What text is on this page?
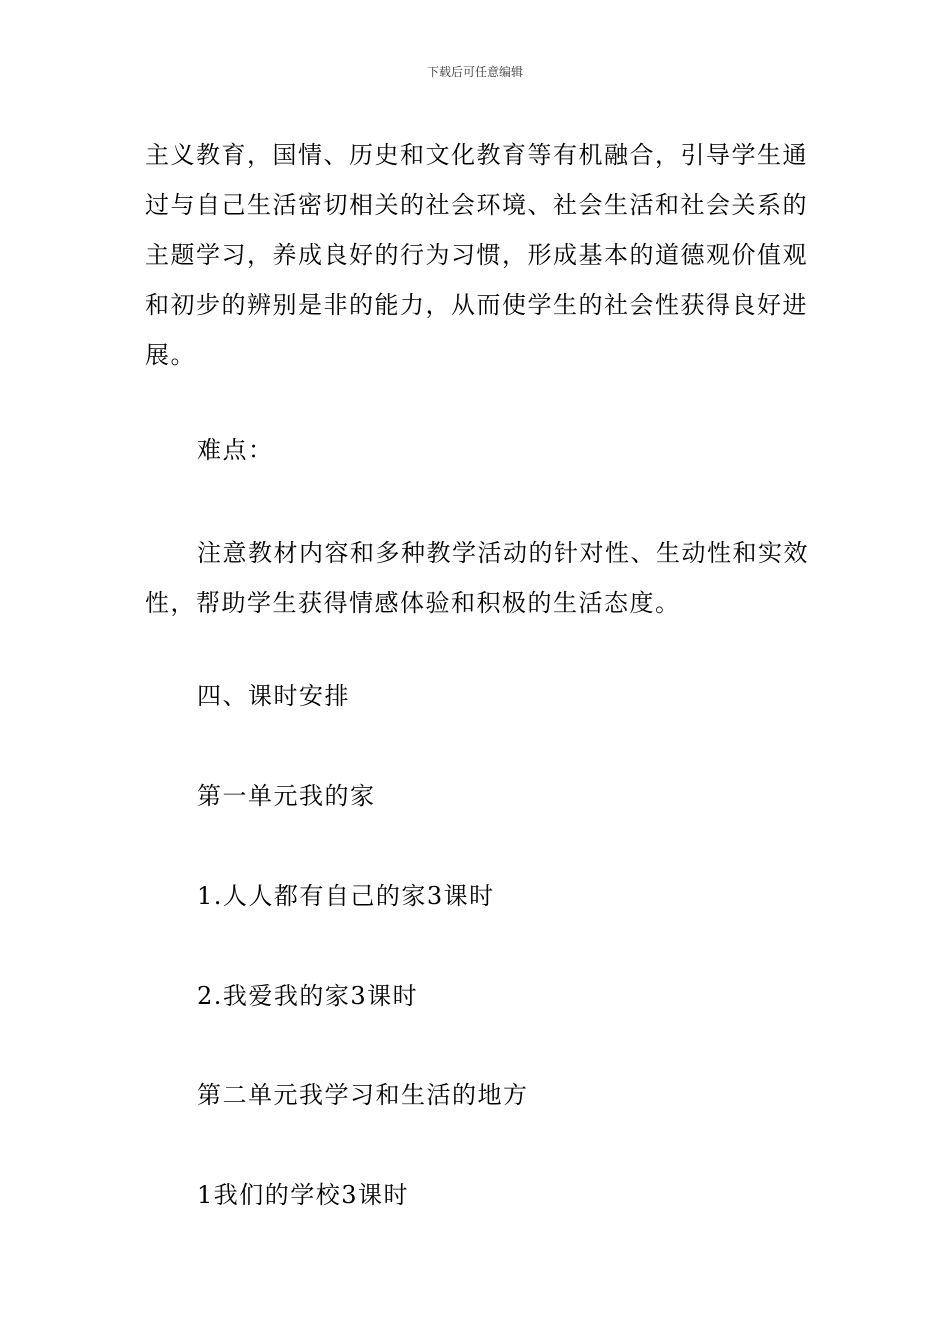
下载后可任意编辑

主义教育，国情、历史和文化教育等有机融合，引导学生通过与自己生活密切相关的社会环境、社会生活和社会关系的主题学习，养成良好的行为习惯，形成基本的道德观价值观和初步的辨别是非的能力，从而使学生的社会性获得良好进展。

难点：

注意教材内容和多种教学活动的针对性、生动性和实效性，帮助学生获得情感体验和积极的生活态度。

四、课时安排
第一单元我的家
1.人人都有自己的家3课时
2.我爱我的家3课时
第二单元我学习和生活的地方
1我们的学校3课时
